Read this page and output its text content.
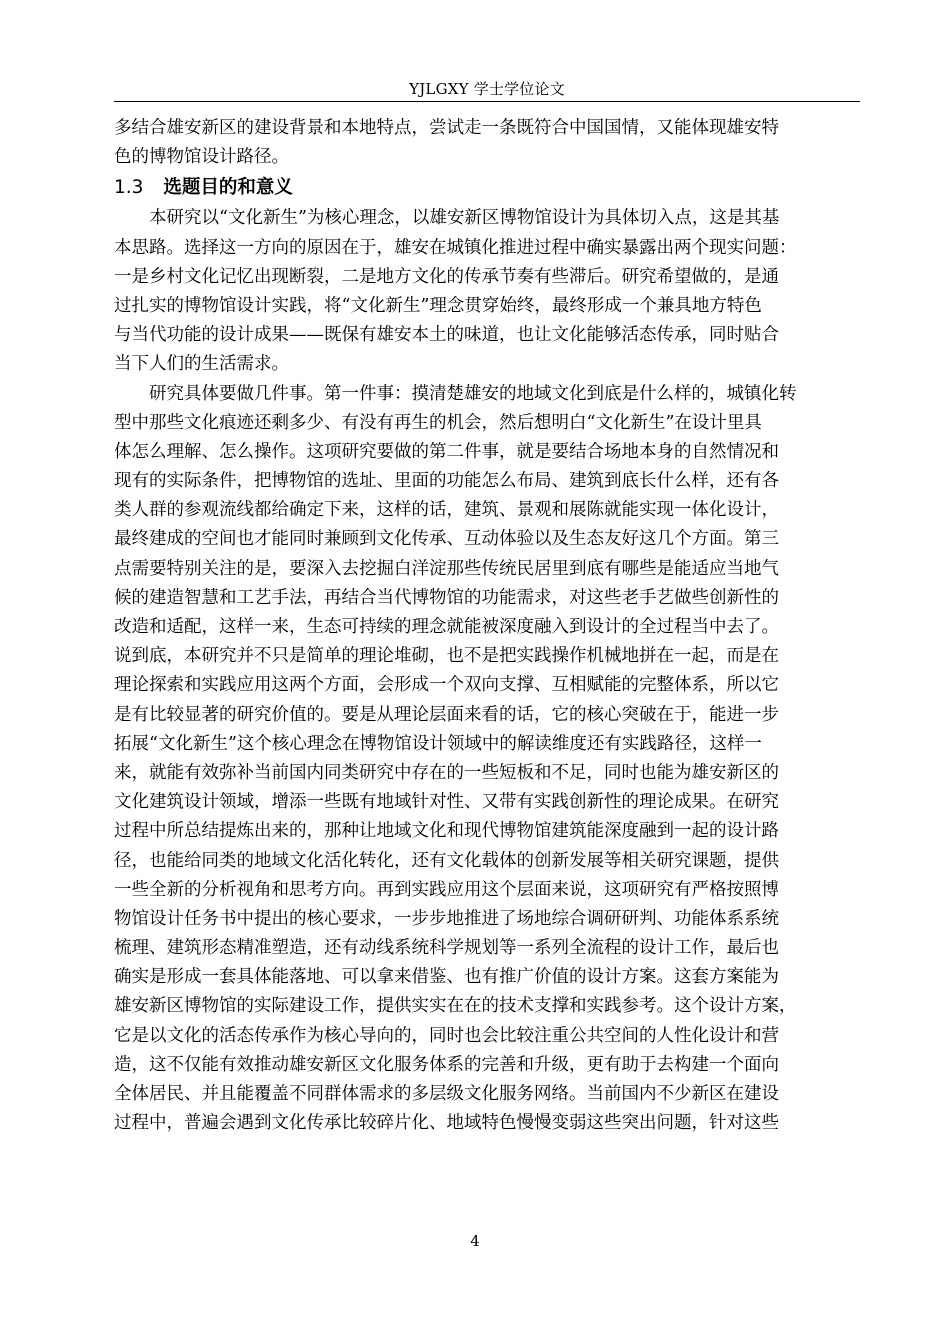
YJLGXY 学士学位论文
多结合雄安新区的建设背景和本地特点，尝试走一条既符合中国国情，又能体现雄安特
色的博物馆设计路径。
1.3 选题目的和意义
本研究以“文化新生”为核心理念，以雄安新区博物馆设计为具体切入点，这是其基
本思路。选择这一方向的原因在于，雄安在城镇化推进过程中确实暴露出两个现实问题：
一是乡村文化记忆出现断裂，二是地方文化的传承节奏有些滞后。研究希望做的，是通
过扎实的博物馆设计实践，将“文化新生”理念贯穿始终，最终形成一个兼具地方特色
与当代功能的设计成果——既保有雄安本土的味道，也让文化能够活态传承，同时贴合
当下人们的生活需求。
研究具体要做几件事。第一件事：摸清楚雄安的地域文化到底是什么样的，城镇化转
型中那些文化痕迹还剩多少、有没有再生的机会，然后想明白“文化新生”在设计里具
体怎么理解、怎么操作。这项研究要做的第二件事，就是要结合场地本身的自然情况和
现有的实际条件，把博物馆的选址、里面的功能怎么布局、建筑到底长什么样，还有各
类人群的参观流线都给确定下来，这样的话，建筑、景观和展陈就能实现一体化设计，
最终建成的空间也才能同时兼顾到文化传承、互动体验以及生态友好这几个方面。第三
点需要特别关注的是，要深入去挖掘白洋淀那些传统民居里到底有哪些是能适应当地气
候的建造智慧和工艺手法，再结合当代博物馆的功能需求，对这些老手艺做些创新性的
改造和适配，这样一来，生态可持续的理念就能被深度融入到设计的全过程当中去了。
说到底，本研究并不只是简单的理论堆砌，也不是把实践操作机械地拼在一起，而是在
理论探索和实践应用这两个方面，会形成一个双向支撑、互相赋能的完整体系，所以它
是有比较显著的研究价值的。要是从理论层面来看的话，它的核心突破在于，能进一步
拓展“文化新生”这个核心理念在博物馆设计领域中的解读维度还有实践路径，这样一
来，就能有效弥补当前国内同类研究中存在的一些短板和不足，同时也能为雄安新区的
文化建筑设计领域，增添一些既有地域针对性、又带有实践创新性的理论成果。在研究
过程中所总结提炼出来的，那种让地域文化和现代博物馆建筑能深度融到一起的设计路
径，也能给同类的地域文化活化转化，还有文化载体的创新发展等相关研究课题，提供
一些全新的分析视角和思考方向。再到实践应用这个层面来说，这项研究有严格按照博
物馆设计任务书中提出的核心要求，一步步地推进了场地综合调研研判、功能体系系统
梳理、建筑形态精准塑造，还有动线系统科学规划等一系列全流程的设计工作，最后也
确实是形成一套具体能落地、可以拿来借鉴、也有推广价值的设计方案。这套方案能为
雄安新区博物馆的实际建设工作，提供实实在在的技术支撑和实践参考。这个设计方案，
它是以文化的活态传承作为核心导向的，同时也会比较注重公共空间的人性化设计和营
造，这不仅能有效推动雄安新区文化服务体系的完善和升级，更有助于去构建一个面向
全体居民、并且能覆盖不同群体需求的多层级文化服务网络。当前国内不少新区在建设
过程中，普遍会遇到文化传承比较碎片化、地域特色慢慢变弱这些突出问题，针对这些
4
